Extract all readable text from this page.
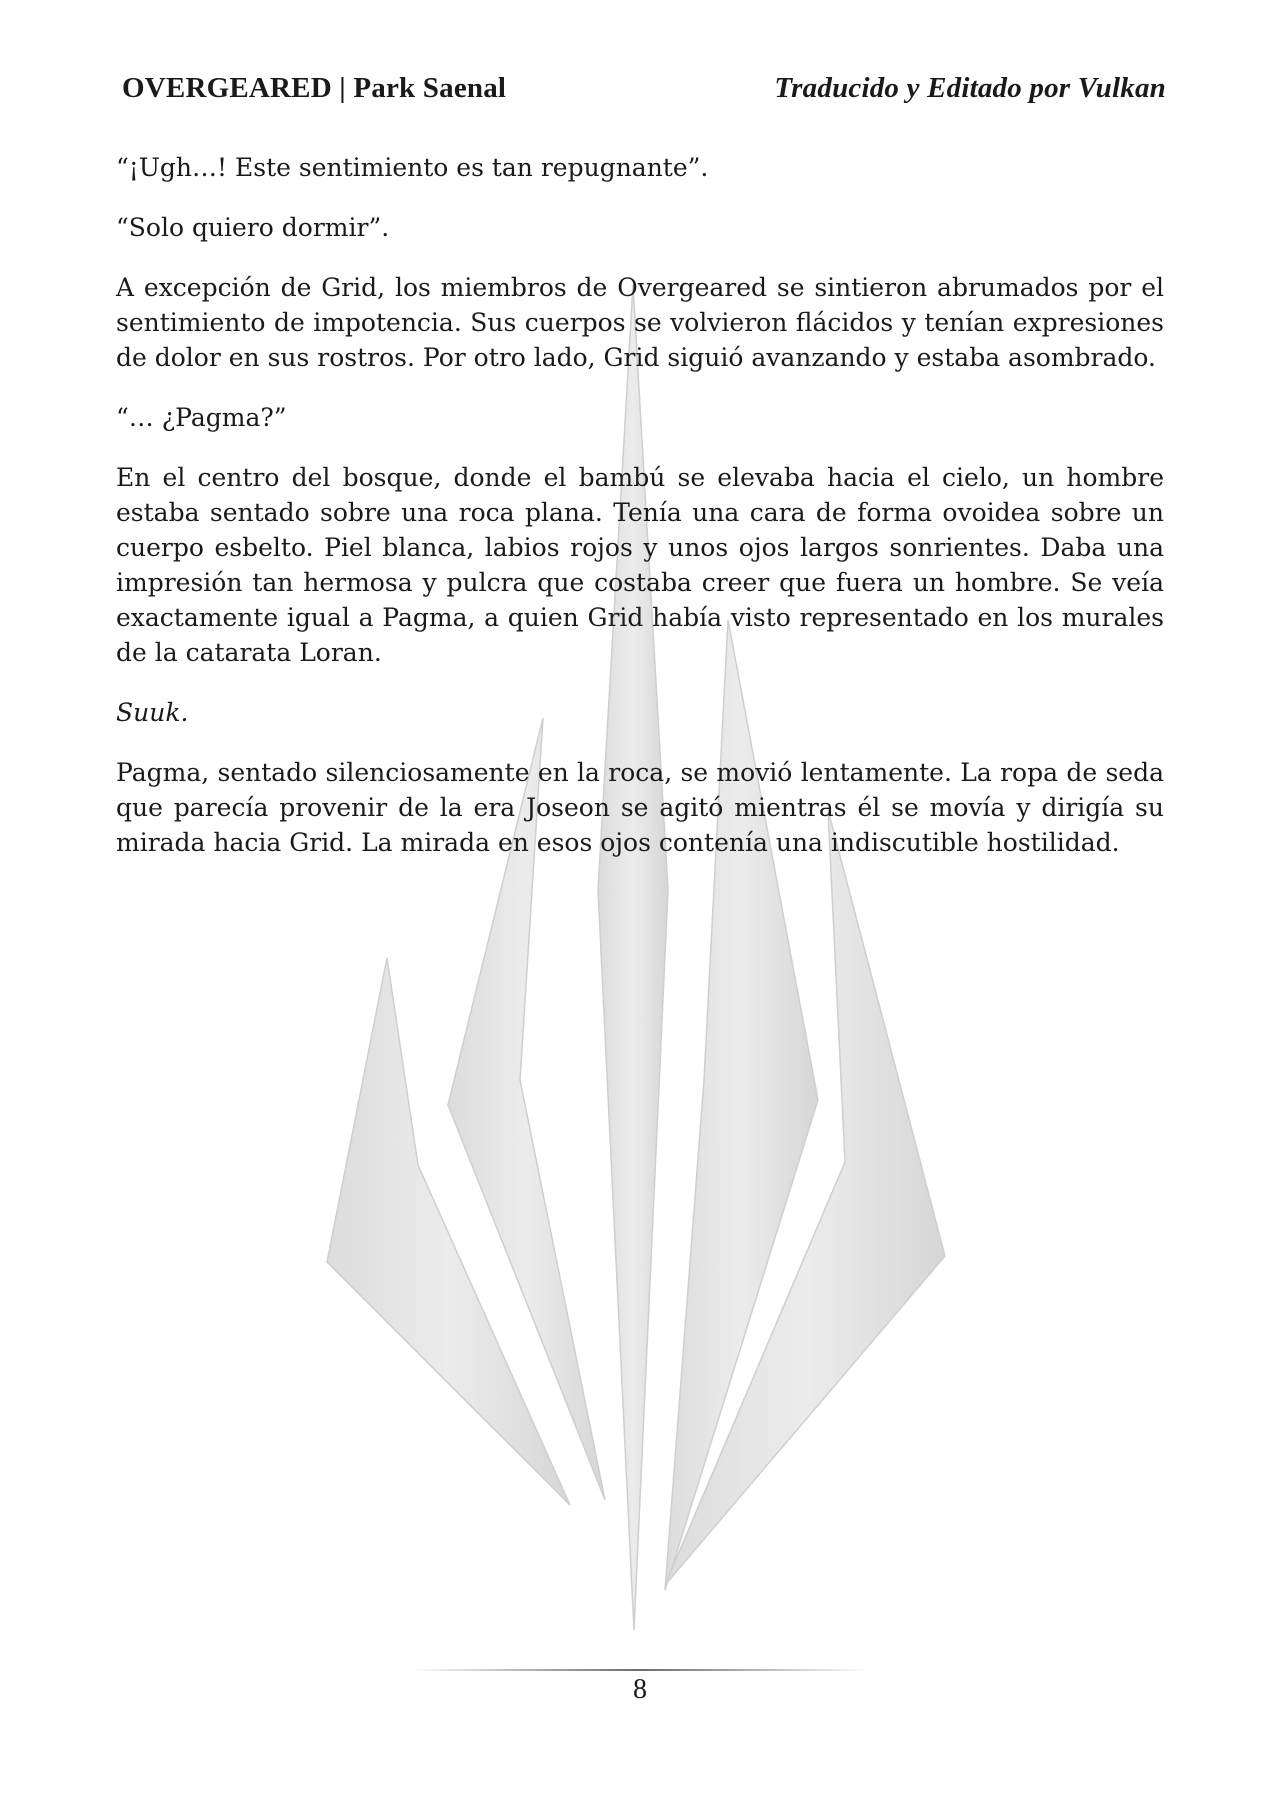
OVERGEARED | Park Saenal	Traducido y Editado por Vulkan

“¡Ugh…! Este sentimiento es tan repugnante”.

“Solo quiero dormir”.

A excepción de Grid, los miembros de Overgeared se sintieron abrumados por el sentimiento de impotencia. Sus cuerpos se volvieron flácidos y tenían expresiones de dolor en sus rostros. Por otro lado, Grid siguió avanzando y estaba asombrado.

“… ¿Pagma?”

En el centro del bosque, donde el bambú se elevaba hacia el cielo, un hombre estaba sentado sobre una roca plana. Tenía una cara de forma ovoidea sobre un cuerpo esbelto. Piel blanca, labios rojos y unos ojos largos sonrientes. Daba una impresión tan hermosa y pulcra que costaba creer que fuera un hombre. Se veía exactamente igual a Pagma, a quien Grid había visto representado en los murales de la catarata Loran.

Suuk.

Pagma, sentado silenciosamente en la roca, se movió lentamente. La ropa de seda que parecía provenir de la era Joseon se agitó mientras él se movía y dirigía su mirada hacia Grid. La mirada en esos ojos contenía una indiscutible hostilidad.

8
